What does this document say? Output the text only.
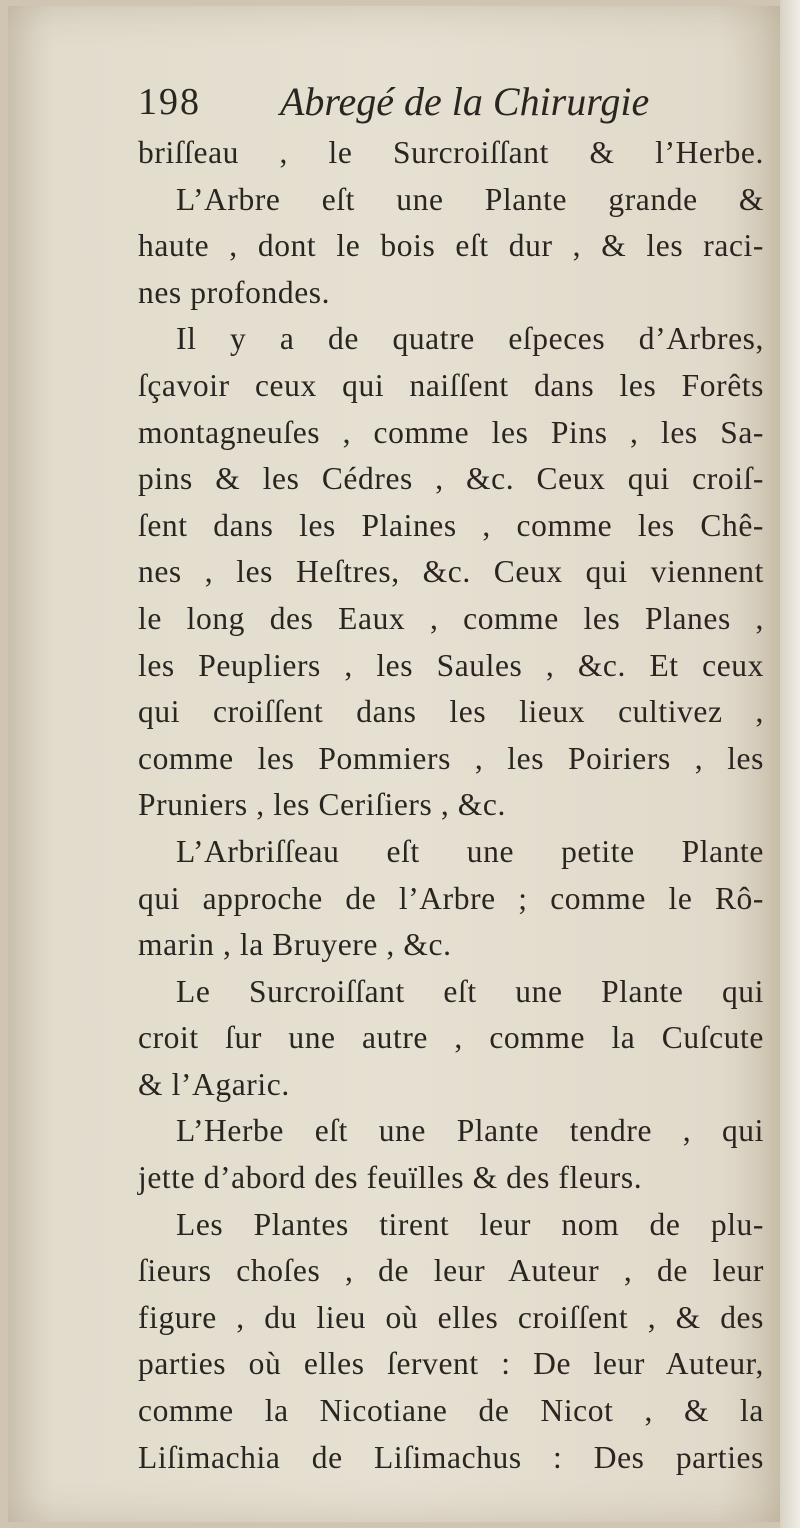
198 Abregé de la Chirurgie
briſſeau , le Surcroiſſant & l’Herbe.
L’Arbre eſt une Plante grande &
haute , dont le bois eſt dur , & les raci-
nes profondes.
Il y a de quatre eſpeces d’Arbres,
ſçavoir ceux qui naiſſent dans les Forêts
montagneuſes , comme les Pins , les Sa-
pins & les Cédres , &c. Ceux qui croiſ-
ſent dans les Plaines , comme les Chê-
nes , les Heſtres, &c. Ceux qui viennent
le long des Eaux , comme les Planes ,
les Peupliers , les Saules , &c. Et ceux
qui croiſſent dans les lieux cultivez ,
comme les Pommiers , les Poiriers , les
Pruniers , les Ceriſiers , &c.
L’Arbriſſeau eſt une petite Plante
qui approche de l’Arbre ; comme le Rô-
marin , la Bruyere , &c.
Le Surcroiſſant eſt une Plante qui
croit ſur une autre , comme la Cuſcute
& l’Agaric.
L’Herbe eſt une Plante tendre , qui
jette d’abord des feuïlles & des fleurs.
Les Plantes tirent leur nom de plu-
ſieurs choſes , de leur Auteur , de leur
figure , du lieu où elles croiſſent , & des
parties où elles ſervent : De leur Auteur,
comme la Nicotiane de Nicot , & la
Liſimachia de Liſimachus : Des parties
